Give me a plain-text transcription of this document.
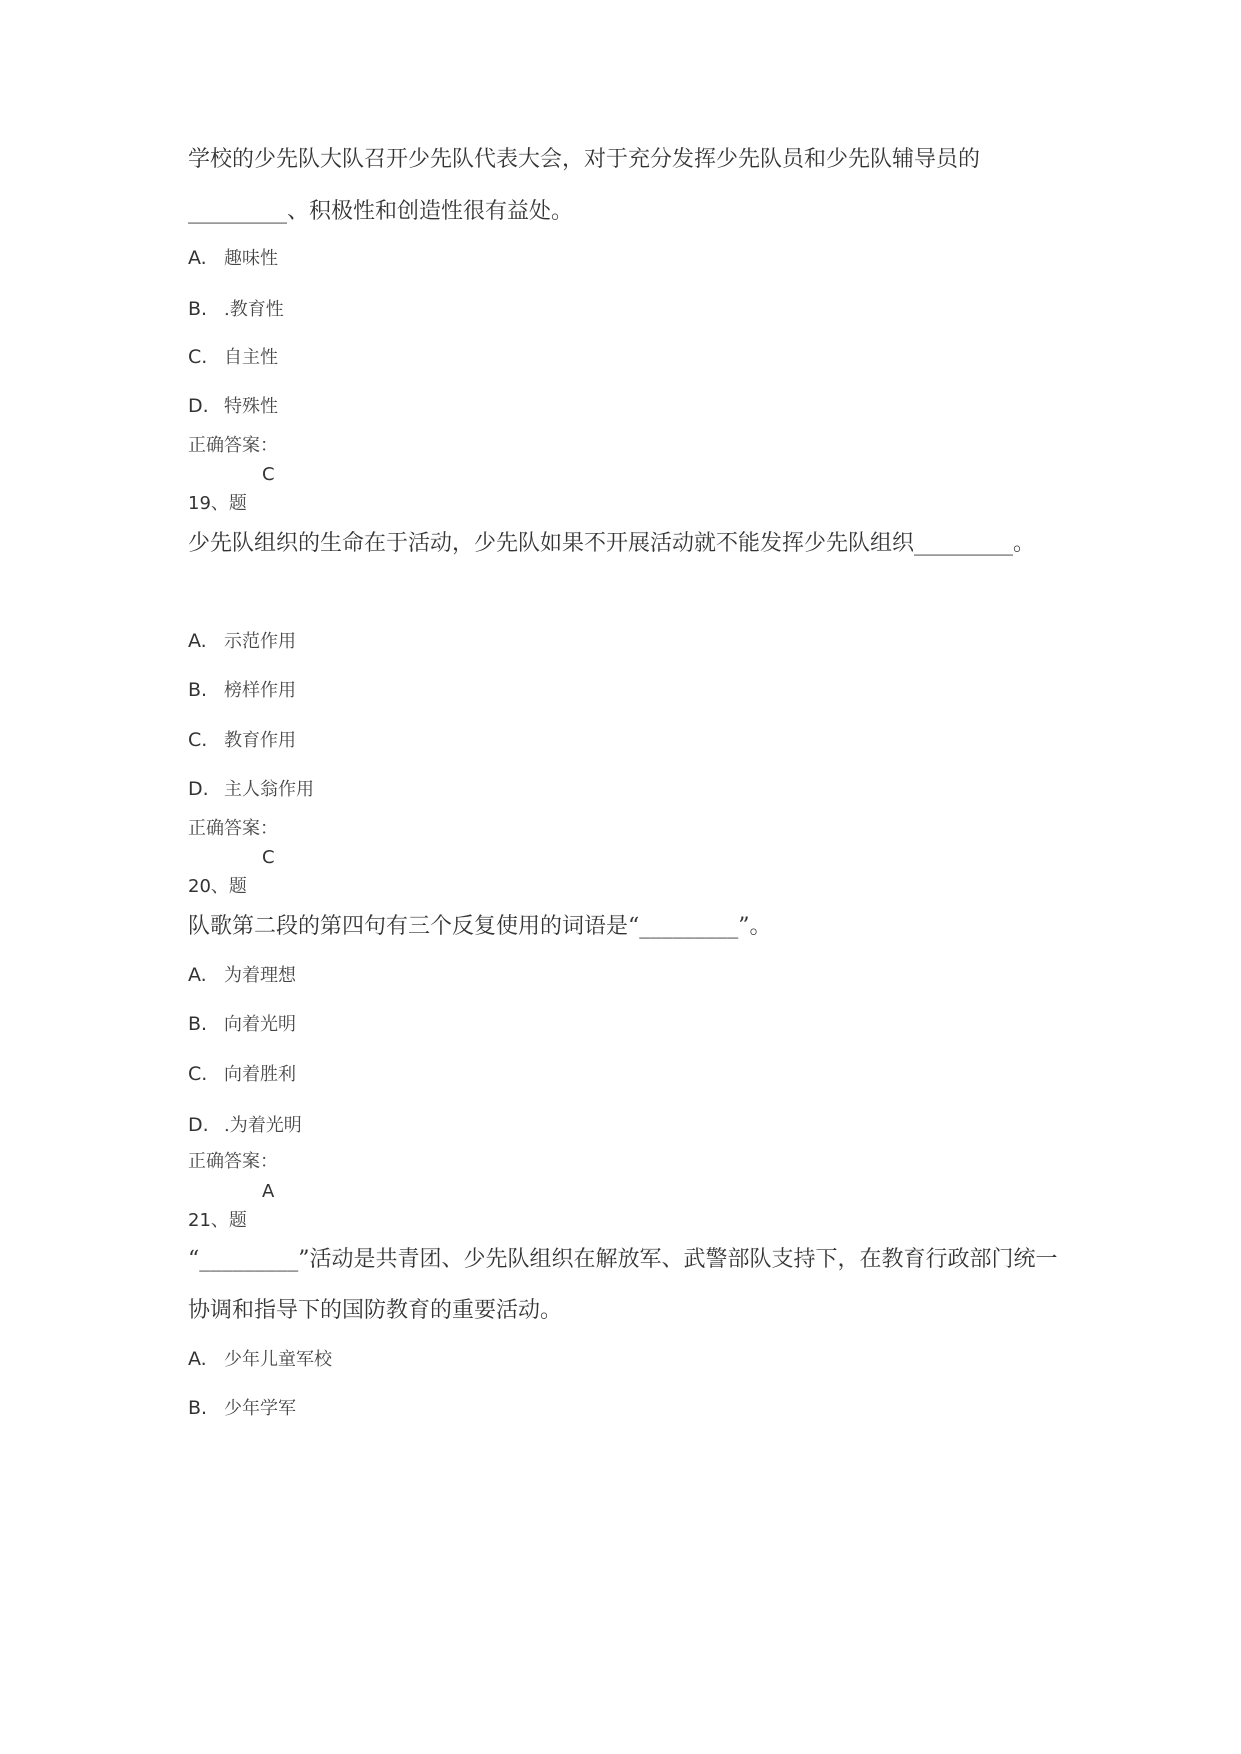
学校的少先队大队召开少先队代表大会，对于充分发挥少先队员和少先队辅导员的
_________、积极性和创造性很有益处。
A. 趣味性
B. .教育性
C. 自主性
D. 特殊性
正确答案：
C
19、题
少先队组织的生命在于活动，少先队如果不开展活动就不能发挥少先队组织_________。
A. 示范作用
B. 榜样作用
C. 教育作用
D. 主人翁作用
正确答案：
C
20、题
队歌第二段的第四句有三个反复使用的词语是“_________”。
A. 为着理想
B. 向着光明
C. 向着胜利
D. .为着光明
正确答案：
A
21、题
“_________”活动是共青团、少先队组织在解放军、武警部队支持下，在教育行政部门统一
协调和指导下的国防教育的重要活动。
A. 少年儿童军校
B. 少年学军
